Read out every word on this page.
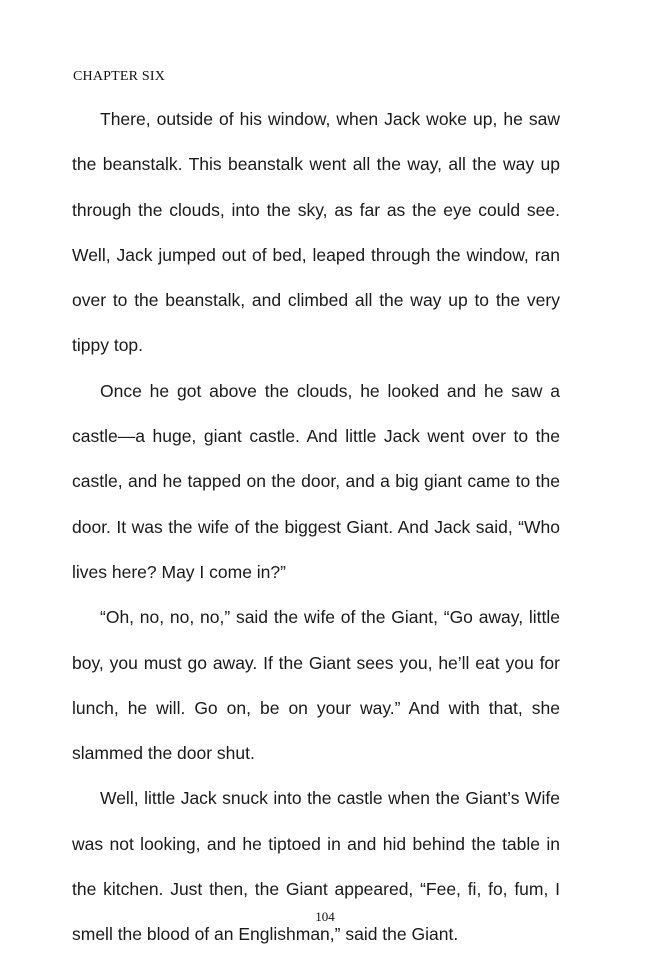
CHAPTER SIX

There, outside of his window, when Jack woke up, he saw the beanstalk. This beanstalk went all the way, all the way up through the clouds, into the sky, as far as the eye could see. Well, Jack jumped out of bed, leaped through the window, ran over to the beanstalk, and climbed all the way up to the very tippy top.

Once he got above the clouds, he looked and he saw a castle—a huge, giant castle. And little Jack went over to the castle, and he tapped on the door, and a big giant came to the door. It was the wife of the biggest Giant. And Jack said, “Who lives here? May I come in?”

“Oh, no, no, no,” said the wife of the Giant, “Go away, little boy, you must go away. If the Giant sees you, he’ll eat you for lunch, he will. Go on, be on your way.” And with that, she slammed the door shut.

Well, little Jack snuck into the castle when the Giant’s Wife was not looking, and he tiptoed in and hid behind the table in the kitchen. Just then, the Giant appeared, “Fee, fi, fo, fum, I smell the blood of an Englishman,” said the Giant.

104
